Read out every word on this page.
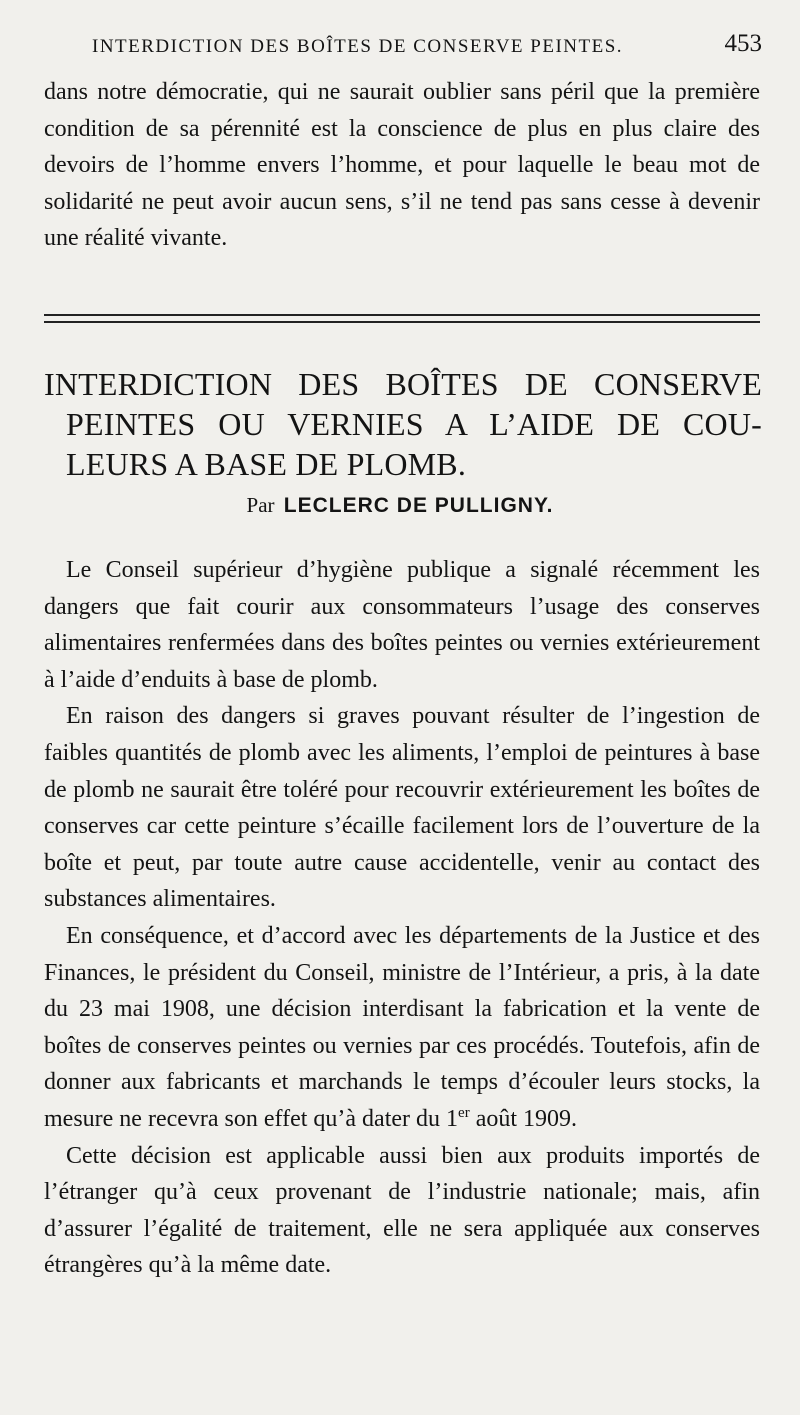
INTERDICTION DES BOÎTES DE CONSERVE PEINTES.	453

dans notre démocratie, qui ne saurait oublier sans péril que la première condition de sa pérennité est la conscience de plus en plus claire des devoirs de l’homme envers l’homme, et pour laquelle le beau mot de solidarité ne peut avoir aucun sens, s’il ne tend pas sans cesse à devenir une réalité vivante.

INTERDICTION DES BOÎTES DE CONSERVE
PEINTES OU VERNIES A L’AIDE DE COU-
LEURS A BASE DE PLOMB.
Par LECLERC DE PULLIGNY.

Le Conseil supérieur d’hygiène publique a signalé récemment les dangers que fait courir aux consommateurs l’usage des conserves alimentaires renfermées dans des boîtes peintes ou vernies extérieurement à l’aide d’enduits à base de plomb.

En raison des dangers si graves pouvant résulter de l’ingestion de faibles quantités de plomb avec les aliments, l’emploi de peintures à base de plomb ne saurait être toléré pour recouvrir extérieurement les boîtes de conserves car cette peinture s’écaille facilement lors de l’ouverture de la boîte et peut, par toute autre cause accidentelle, venir au contact des substances alimentaires.

En conséquence, et d’accord avec les départements de la Justice et des Finances, le président du Conseil, ministre de l’Intérieur, a pris, à la date du 23 mai 1908, une décision interdisant la fabrication et la vente de boîtes de conserves peintes ou vernies par ces procédés. Toutefois, afin de donner aux fabricants et marchands le temps d’écouler leurs stocks, la mesure ne recevra son effet qu’à dater du 1er août 1909.

Cette décision est applicable aussi bien aux produits importés de l’étranger qu’à ceux provenant de l’industrie nationale; mais, afin d’assurer l’égalité de traitement, elle ne sera appliquée aux conserves étrangères qu’à la même date.
